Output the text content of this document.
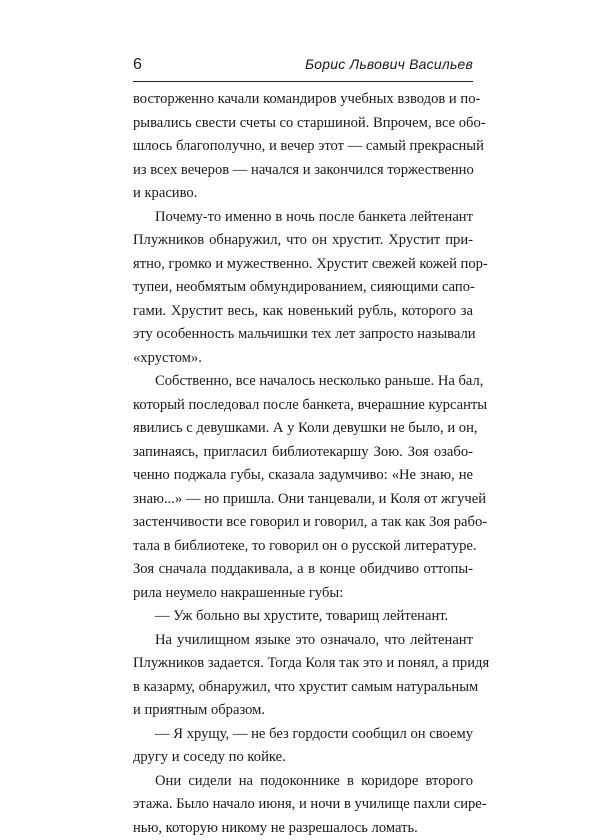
6	Борис Львович Васильев
восторженно качали командиров учебных взводов и по-
рывались свести счеты со старшиной. Впрочем, все обо-
шлось благополучно, и вечер этот — самый прекрасный
из всех вечеров — начался и закончился торжественно
и красиво.
Почему-то именно в ночь после банкета лейтенант
Плужников обнаружил, что он хрустит. Хрустит при-
ятно, громко и мужественно. Хрустит свежей кожей пор-
тупеи, необмятым обмундированием, сияющими сапо-
гами. Хрустит весь, как новенький рубль, которого за
эту особенность мальчишки тех лет запросто называли
«хрустом».
Собственно, все началось несколько раньше. На бал,
который последовал после банкета, вчерашние курсанты
явились с девушками. А у Коли девушки не было, и он,
запинаясь, пригласил библиотекаршу Зою. Зоя озабо-
ченно поджала губы, сказала задумчиво: «Не знаю, не
знаю...» — но пришла. Они танцевали, и Коля от жгучей
застенчивости все говорил и говорил, а так как Зоя рабо-
тала в библиотеке, то говорил он о русской литературе.
Зоя сначала поддакивала, а в конце обидчиво оттопы-
рила неумело накрашенные губы:
— Уж больно вы хрустите, товарищ лейтенант.
На училищном языке это означало, что лейтенант
Плужников задается. Тогда Коля так это и понял, а придя
в казарму, обнаружил, что хрустит самым натуральным
и приятным образом.
— Я хрущу, — не без гордости сообщил он своему
другу и соседу по койке.
Они сидели на подоконнике в коридоре второго
этажа. Было начало июня, и ночи в училище пахли сире-
нью, которую никому не разрешалось ломать.
